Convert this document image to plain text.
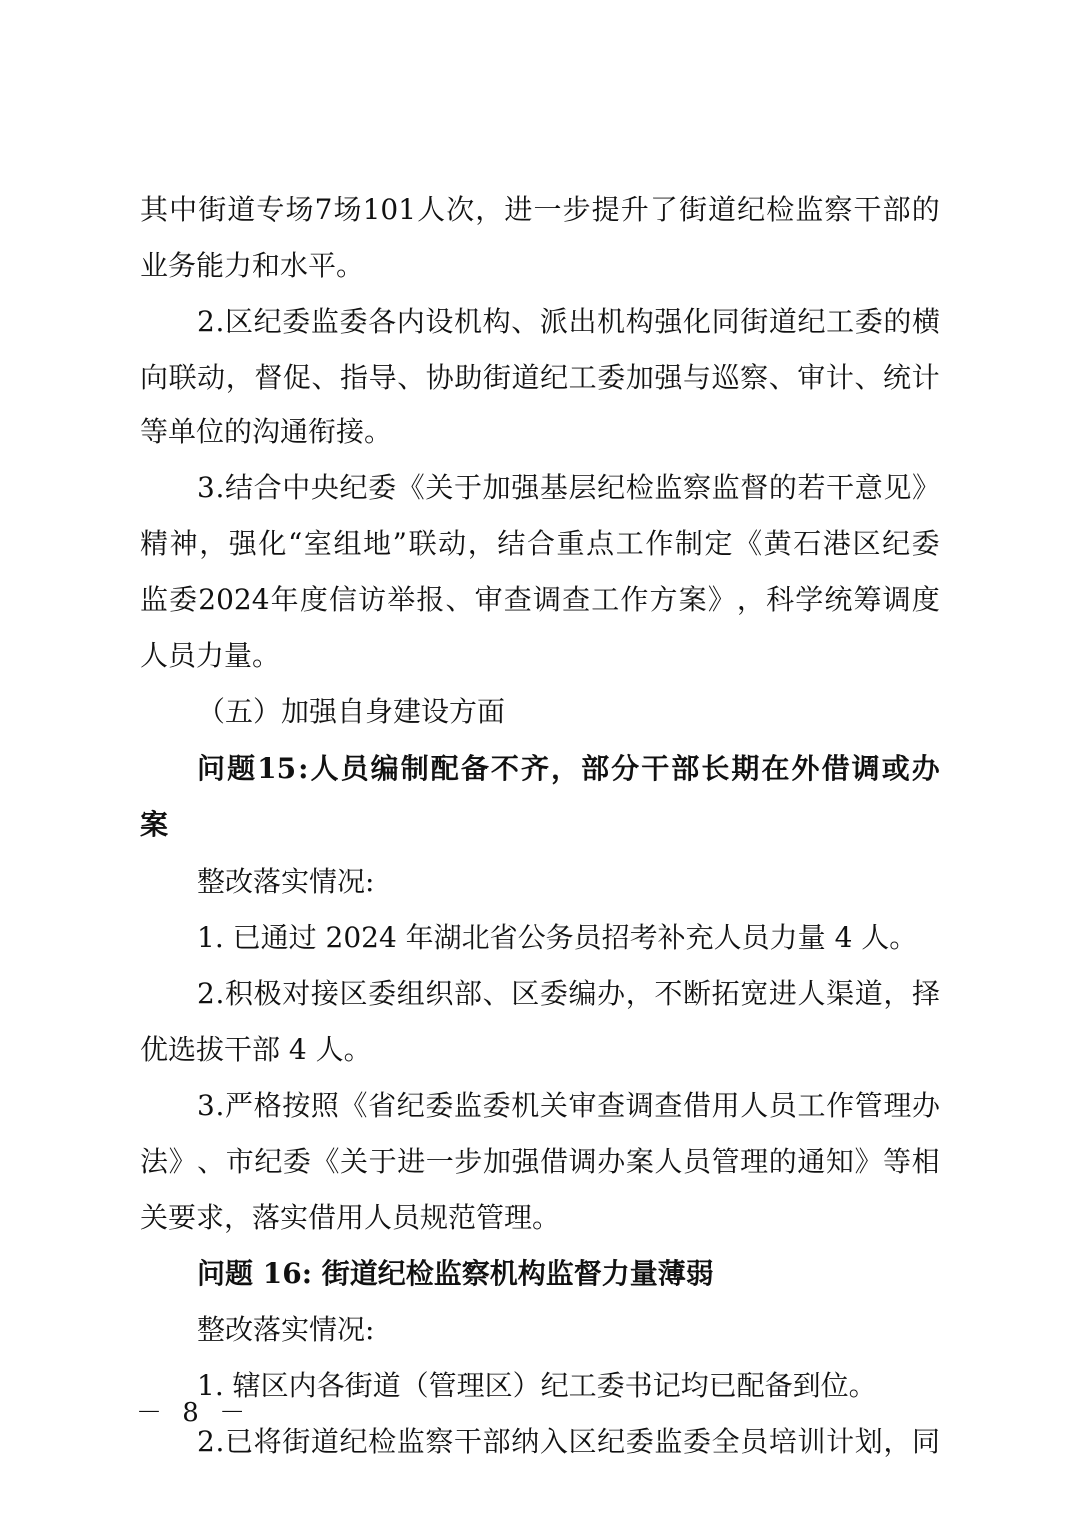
其 中 街 道 专 场 7 场 101 人 次 ， 进 一 步 提 升 了 街 道 纪 检 监 察 干 部 的
业务能力和水平。
2 . 区 纪 委 监 委 各 内 设 机 构 、 派 出 机 构 强 化 同 街 道 纪 工 委 的 横
向 联 动 ， 督 促 、 指 导 、 协 助 街 道 纪 工 委 加 强 与 巡 察 、 审 计 、 统 计
等单位的沟通衔接。
3 . 结 合 中 央 纪 委 《 关 于 加 强 基 层 纪 检 监 察 监 督 的 若 干 意 见 》
精 神 ， 强 化 “ 室 组 地 ” 联 动 ， 结 合 重 点 工 作 制 定 《 黄 石 港 区 纪 委
监 委 2024 年 度 信 访 举 报 、 审 查 调 查 工 作 方 案 》 ， 科 学 统 筹 调 度
人员力量。
（五）加强自身建设方面
问 题 15 : 人 员 编 制 配 备 不 齐 ， 部 分 干 部 长 期 在 外 借 调 或 办
案
整改落实情况:
1. 已通过 2024 年湖北省公务员招考补充人员力量 4 人。
2 . 积 极 对 接 区 委 组 织 部 、 区 委 编 办 ， 不 断 拓 宽 进 人 渠 道 ， 择
优选拔干部 4 人。
3 . 严 格 按 照 《 省 纪 委 监 委 机 关 审 查 调 查 借 用 人 员 工 作 管 理 办
法 》 、 市 纪 委 《 关 于 进 一 步 加 强 借 调 办 案 人 员 管 理 的 通 知 》 等 相
关要求，落实借用人员规范管理。
问题 16: 街道纪检监察机构监督力量薄弱
整改落实情况:
1. 辖区内各街道（管理区）纪工委书记均已配备到位。
2 . 已 将 街 道 纪 检 监 察 干 部 纳 入 区 纪 委 监 委 全 员 培 训 计 划 ， 同
－ 8 －
